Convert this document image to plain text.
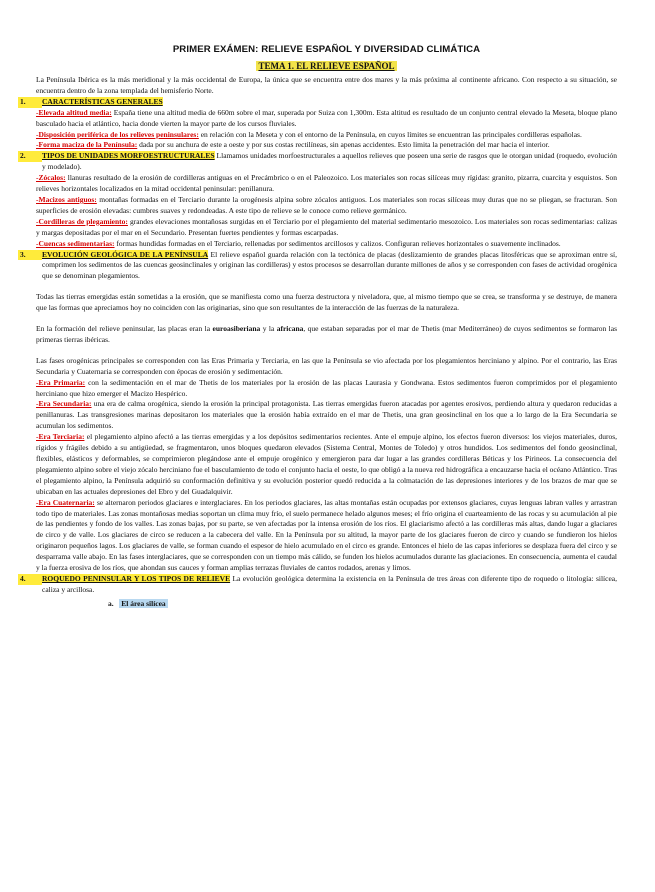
PRIMER EXÁMEN: RELIEVE ESPAÑOL Y DIVERSIDAD CLIMÁTICA
TEMA 1. EL RELIEVE ESPAÑOL

La Península Ibérica es la más meridional y la más occidental de Europa, la única que se encuentra entre dos mares y la más próxima al continente africano. Con respecto a su situación, se encuentra dentro de la zona templada del hemisferio Norte.

1.	CARACTERÍSTICAS GENERALES

-Elevada altitud media: España tiene una altitud media de 660m sobre el mar, superada por Suiza con 1,300m. Esta altitud es resultado de un conjunto central elevado la Meseta, bloque plano basculado hacia el atlántico, hacia donde vierten la mayor parte de los cursos fluviales.

-Disposición periférica de los relieves peninsulares: en relación con la Meseta y con el entorno de la Península, en cuyos límites se encuentran las principales cordilleras españolas.

-Forma maciza de la Península: dada por su anchura de este a oeste y por sus costas rectilíneas, sin apenas accidentes. Esto limita la penetración del mar hacia el interior.

2.	TIPOS DE UNIDADES MORFOESTRUCTURALES Llamamos unidades morfoestructurales a aquellos relieves que poseen una serie de rasgos que le otorgan unidad (roquedo, evolución y modelado).

-Zócalos: llanuras resultado de la erosión de cordilleras antiguas en el Precámbrico o en el Paleozoico. Los materiales son rocas silíceas muy rígidas: granito, pizarra, cuarcita y esquistos. Son relieves horizontales localizados en la mitad occidental peninsular: penillanura.

-Macizos antiguos: montañas formadas en el Terciario durante la orogénesis alpina sobre zócalos antiguos. Los materiales son rocas silíceas muy duras que no se pliegan, se fracturan. Son superficies de erosión elevadas: cumbres suaves y redondeadas. A este tipo de relieve se le conoce como relieve germánico.

-Cordilleras de plegamiento: grandes elevaciones montañosas surgidas en el Terciario por el plegamiento del material sedimentario mesozoico. Los materiales son rocas sedimentarias: calizas y margas depositadas por el mar en el Secundario. Presentan fuertes pendientes y formas escarpadas.

-Cuencas sedimentarias: formas hundidas formadas en el Terciario, rellenadas por sedimentos arcillosos y calizos. Configuran relieves horizontales o suavemente inclinados.

3.	EVOLUCIÓN GEOLÓGICA DE LA PENÍNSULA El relieve español guarda relación con la tectónica de placas (deslizamiento de grandes placas litosféricas que se aproximan entre sí, comprimen los sedimentos de las cuencas geosinclinales y originan las cordilleras) y estos procesos se desarrollan durante millones de años y se corresponden con fases de actividad orogénica que se denominan plegamientos.

Todas las tierras emergidas están sometidas a la erosión, que se manifiesta como una fuerza destructora y niveladora, que, al mismo tiempo que se crea, se transforma y se destruye, de manera que las formas que apreciamos hoy no coinciden con las originarias, sino que son resultantes de la interacción de las fuerzas de la naturaleza.

En la formación del relieve peninsular, las placas eran la euroasiberiana y la africana, que estaban separadas por el mar de Thetis (mar Mediterráneo) de cuyos sedimentos se formaron las primeras tierras ibéricas.

Las fases orogénicas principales se corresponden con las Eras Primaria y Terciaria, en las que la Península se vio afectada por los plegamientos herciniano y alpino. Por el contrario, las Eras Secundaria y Cuaternaria se corresponden con épocas de erosión y sedimentación.

-Era Primaria: con la sedimentación en el mar de Thetis de los materiales por la erosión de las placas Laurasia y Gondwana. Estos sedimentos fueron comprimidos por el plegamiento herciniano que hizo emerger el Macizo Hespérico.

-Era Secundaria: una era de calma orogénica, siendo la erosión la principal protagonista. Las tierras emergidas fueron atacadas por agentes erosivos, perdiendo altura y quedaron reducidas a penillanuras. Las transgresiones marinas depositaron los materiales que la erosión había extraído en el mar de Thetis, una gran geosinclinal en los que a lo largo de la Era Secundaria se acumulan los sedimentos.

-Era Terciaria: el plegamiento alpino afectó a las tierras emergidas y a los depósitos sedimentarios recientes. Ante el empuje alpino, los efectos fueron diversos: los viejos materiales, duros, rígidos y frágiles debido a su antigüedad, se fragmentaron, unos bloques quedaron elevados (Sistema Central, Montes de Toledo) y otros hundidos. Los sedimentos del fondo geosinclinal, flexibles, elásticos y deformables, se comprimieron plegándose ante el empuje orogénico y emergieron para dar lugar a las grandes cordilleras Béticas y los Pirineos. La consecuencia del plegamiento alpino sobre el viejo zócalo herciniano fue el basculamiento de todo el conjunto hacia el oeste, lo que obligó a la nueva red hidrográfica a encauzarse hacia el océano Atlántico. Tras el plegamiento alpino, la Península adquirió su conformación definitiva y su evolución posterior quedó reducida a la colmatación de las depresiones interiores y de los brazos de mar que se ubicaban en las actuales depresiones del Ebro y del Guadalquivir.

-Era Cuaternaria: se alternaron periodos glaciares e interglaciares. En los periodos glaciares, las altas montañas están ocupadas por extensos glaciares, cuyas lenguas labran valles y arrastran todo tipo de materiales. Las zonas montañosas medias soportan un clima muy frío, el suelo permanece helado algunos meses; el frío origina el cuarteamiento de las rocas y su acumulación al pie de las pendientes y fondo de los valles. Las zonas bajas, por su parte, se ven afectadas por la intensa erosión de los ríos. El glaciarismo afectó a las cordilleras más altas, dando lugar a glaciares de circo y de valle. Los glaciares de circo se reducen a la cabecera del valle. En la Península por su altitud, la mayor parte de los glaciares fueron de circo y cuando se fundieron los hielos originaron pequeños lagos. Los glaciares de valle, se forman cuando el espesor de hielo acumulado en el circo es grande. Entonces el hielo de las capas inferiores se desplaza fuera del circo y se desparrama valle abajo. En las fases interglaciares, que se corresponden con un tiempo más cálido, se funden los hielos acumulados durante las glaciaciones. En consecuencia, aumenta el caudal y la fuerza erosiva de los ríos, que ahondan sus cauces y forman amplias terrazas fluviales de cantos rodados, arenas y limos.

4.	ROQUEDO PENINSULAR Y LOS TIPOS DE RELIEVE La evolución geológica determina la existencia en la Península de tres áreas con diferente tipo de roquedo o litología: silícea, caliza y arcillosa.
a. El área silícea
